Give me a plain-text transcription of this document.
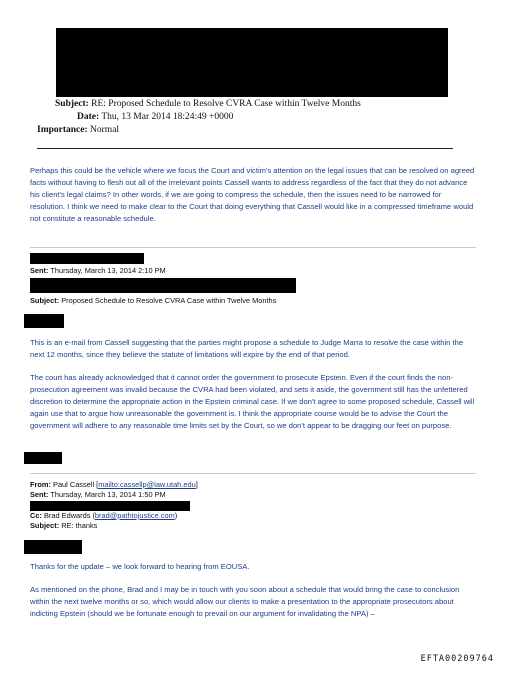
Subject: RE: Proposed Schedule to Resolve CVRA Case within Twelve Months
Date: Thu, 13 Mar 2014 18:24:49 +0000
Importance: Normal
Perhaps this could be the vehicle where we focus the Court and victim's attention on the legal issues that can be resolved on agreed facts without having to flesh out all of the irrelevant points Cassell wants to address regardless of the fact that they do not advance his client's legal claims? In other words, if we are going to compress the schedule, then the issues need to be narrowed for resolution. I think we need to make clear to the Court that doing everything that Cassell would like in a compressed timeframe would not constitute a reasonable schedule.
Sent: Thursday, March 13, 2014 2:10 PM
Subject: Proposed Schedule to Resolve CVRA Case within Twelve Months
This is an e-mail from Cassell suggesting that the parties might propose a schedule to Judge Marra to resolve the case within the next 12 months, since they believe the statute of limitations will expire by the end of that period.
The court has already acknowledged that it cannot order the government to prosecute Epstein. Even if the court finds the non-prosecution agreement was invalid because the CVRA had been violated, and sets it aside, the government still has the unfettered discretion to determine the appropriate action in the Epstein criminal case. If we don't agree to some proposed schedule, Cassell will again use that to argue how unreasonable the government is. I think the appropriate course would be to advise the Court the government will adhere to any reasonable time limits set by the Court, so we don't appear to be dragging our feet on purpose.
From: Paul Cassell [mailto:cassellp@law.utah.edu]
Sent: Thursday, March 13, 2014 1:50 PM
Cc: Brad Edwards (brad@pathtojustice.com)
Subject: RE: thanks
Thanks for the update – we look forward to hearing from EOUSA.
As mentioned on the phone, Brad and I may be in touch with you soon about a schedule that would bring the case to conclusion within the next twelve months or so, which would allow our clients to make a presentation to the appropriate prosecutors about indicting Epstein (should we be fortunate enough to prevail on our argument for invalidating the NPA) –
EFTA00209764
